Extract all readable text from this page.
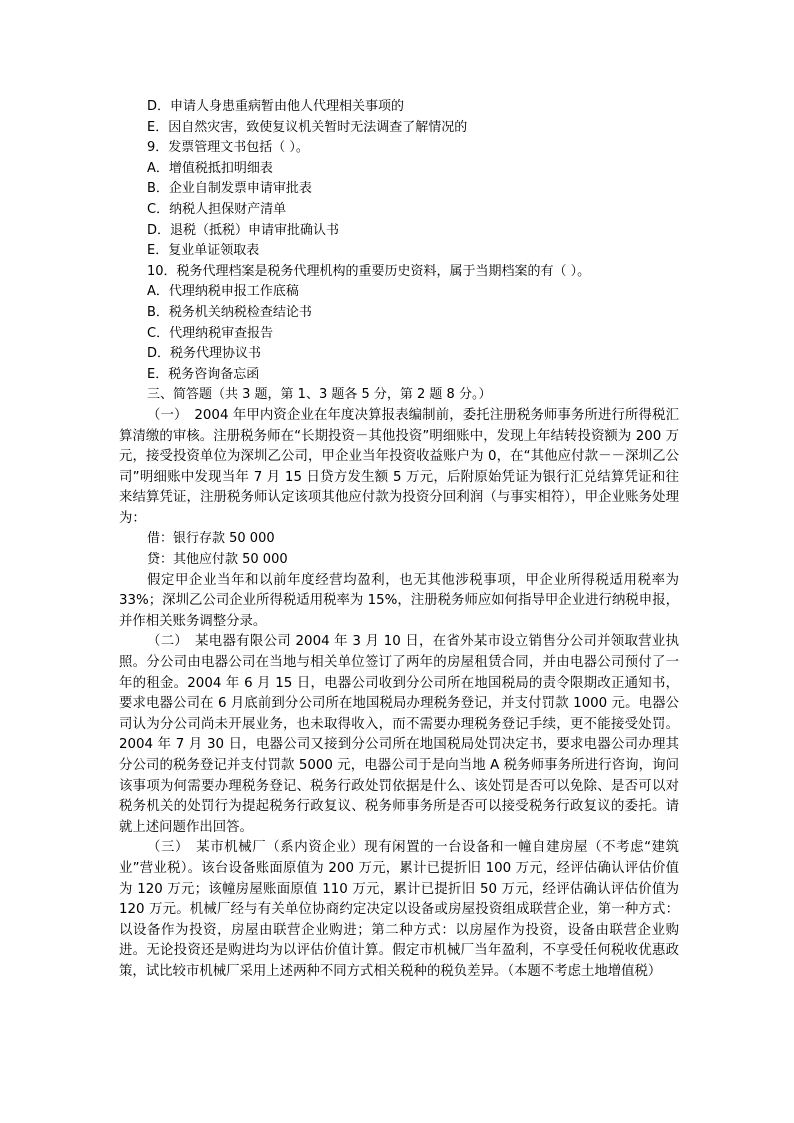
D．申请人身患重病暂由他人代理相关事项的
E．因自然灾害，致使复议机关暂时无法调查了解情况的
9．发票管理文书包括（ ）。
A．增值税抵扣明细表
B．企业自制发票申请审批表
C．纳税人担保财产清单
D．退税（抵税）申请审批确认书
E．复业单证领取表
10．税务代理档案是税务代理机构的重要历史资料，属于当期档案的有（ ）。
A．代理纳税申报工作底稿
B．税务机关纳税检查结论书
C．代理纳税审查报告
D．税务代理协议书
E．税务咨询备忘函
三、简答题（共 3 题，第 1、3 题各 5 分，第 2 题 8 分。）
（一）　2004 年甲内资企业在年度决算报表编制前，委托注册税务师事务所进行所得税汇算清缴的审核。注册税务师在“长期投资－其他投资”明细账中，发现上年结转投资额为 200 万元，接受投资单位为深圳乙公司，甲企业当年投资收益账户为 0，在“其他应付款－－深圳乙公司”明细账中发现当年 7 月 15 日贷方发生额 5 万元，后附原始凭证为银行汇兑结算凭证和往来结算凭证，注册税务师认定该项其他应付款为投资分回利润（与事实相符），甲企业账务处理为：
借：银行存款 50 000
贷：其他应付款 50 000
假定甲企业当年和以前年度经营均盈利，也无其他涉税事项，甲企业所得税适用税率为 33%；深圳乙公司企业所得税适用税率为 15%，注册税务师应如何指导甲企业进行纳税申报，并作相关账务调整分录。
（二）　某电器有限公司 2004 年 3 月 10 日，在省外某市设立销售分公司并领取营业执照。分公司由电器公司在当地与相关单位签订了两年的房屋租赁合同，并由电器公司预付了一年的租金。2004 年 6 月 15 日，电器公司收到分公司所在地国税局的责令限期改正通知书，要求电器公司在 6 月底前到分公司所在地国税局办理税务登记，并支付罚款 1000 元。电器公司认为分公司尚未开展业务，也未取得收入，而不需要办理税务登记手续，更不能接受处罚。2004 年 7 月 30 日，电器公司又接到分公司所在地国税局处罚决定书，要求电器公司办理其分公司的税务登记并支付罚款 5000 元，电器公司于是向当地 A 税务师事务所进行咨询，询问该事项为何需要办理税务登记、税务行政处罚依据是什么、该处罚是否可以免除、是否可以对税务机关的处罚行为提起税务行政复议、税务师事务所是否可以接受税务行政复议的委托。请就上述问题作出回答。
（三）　某市机械厂（系内资企业）现有闲置的一台设备和一幢自建房屋（不考虑“建筑业”营业税）。该台设备账面原值为 200 万元，累计已提折旧 100 万元，经评估确认评估价值为 120 万元；该幢房屋账面原值 110 万元，累计已提折旧 50 万元，经评估确认评估价值为 120 万元。机械厂经与有关单位协商约定决定以设备或房屋投资组成联营企业，第一种方式：以设备作为投资，房屋由联营企业购进；第二种方式：以房屋作为投资，设备由联营企业购进。无论投资还是购进均为以评估价值计算。假定市机械厂当年盈利，不享受任何税收优惠政策，试比较市机械厂采用上述两种不同方式相关税种的税负差异。（本题不考虑土地增值税）
